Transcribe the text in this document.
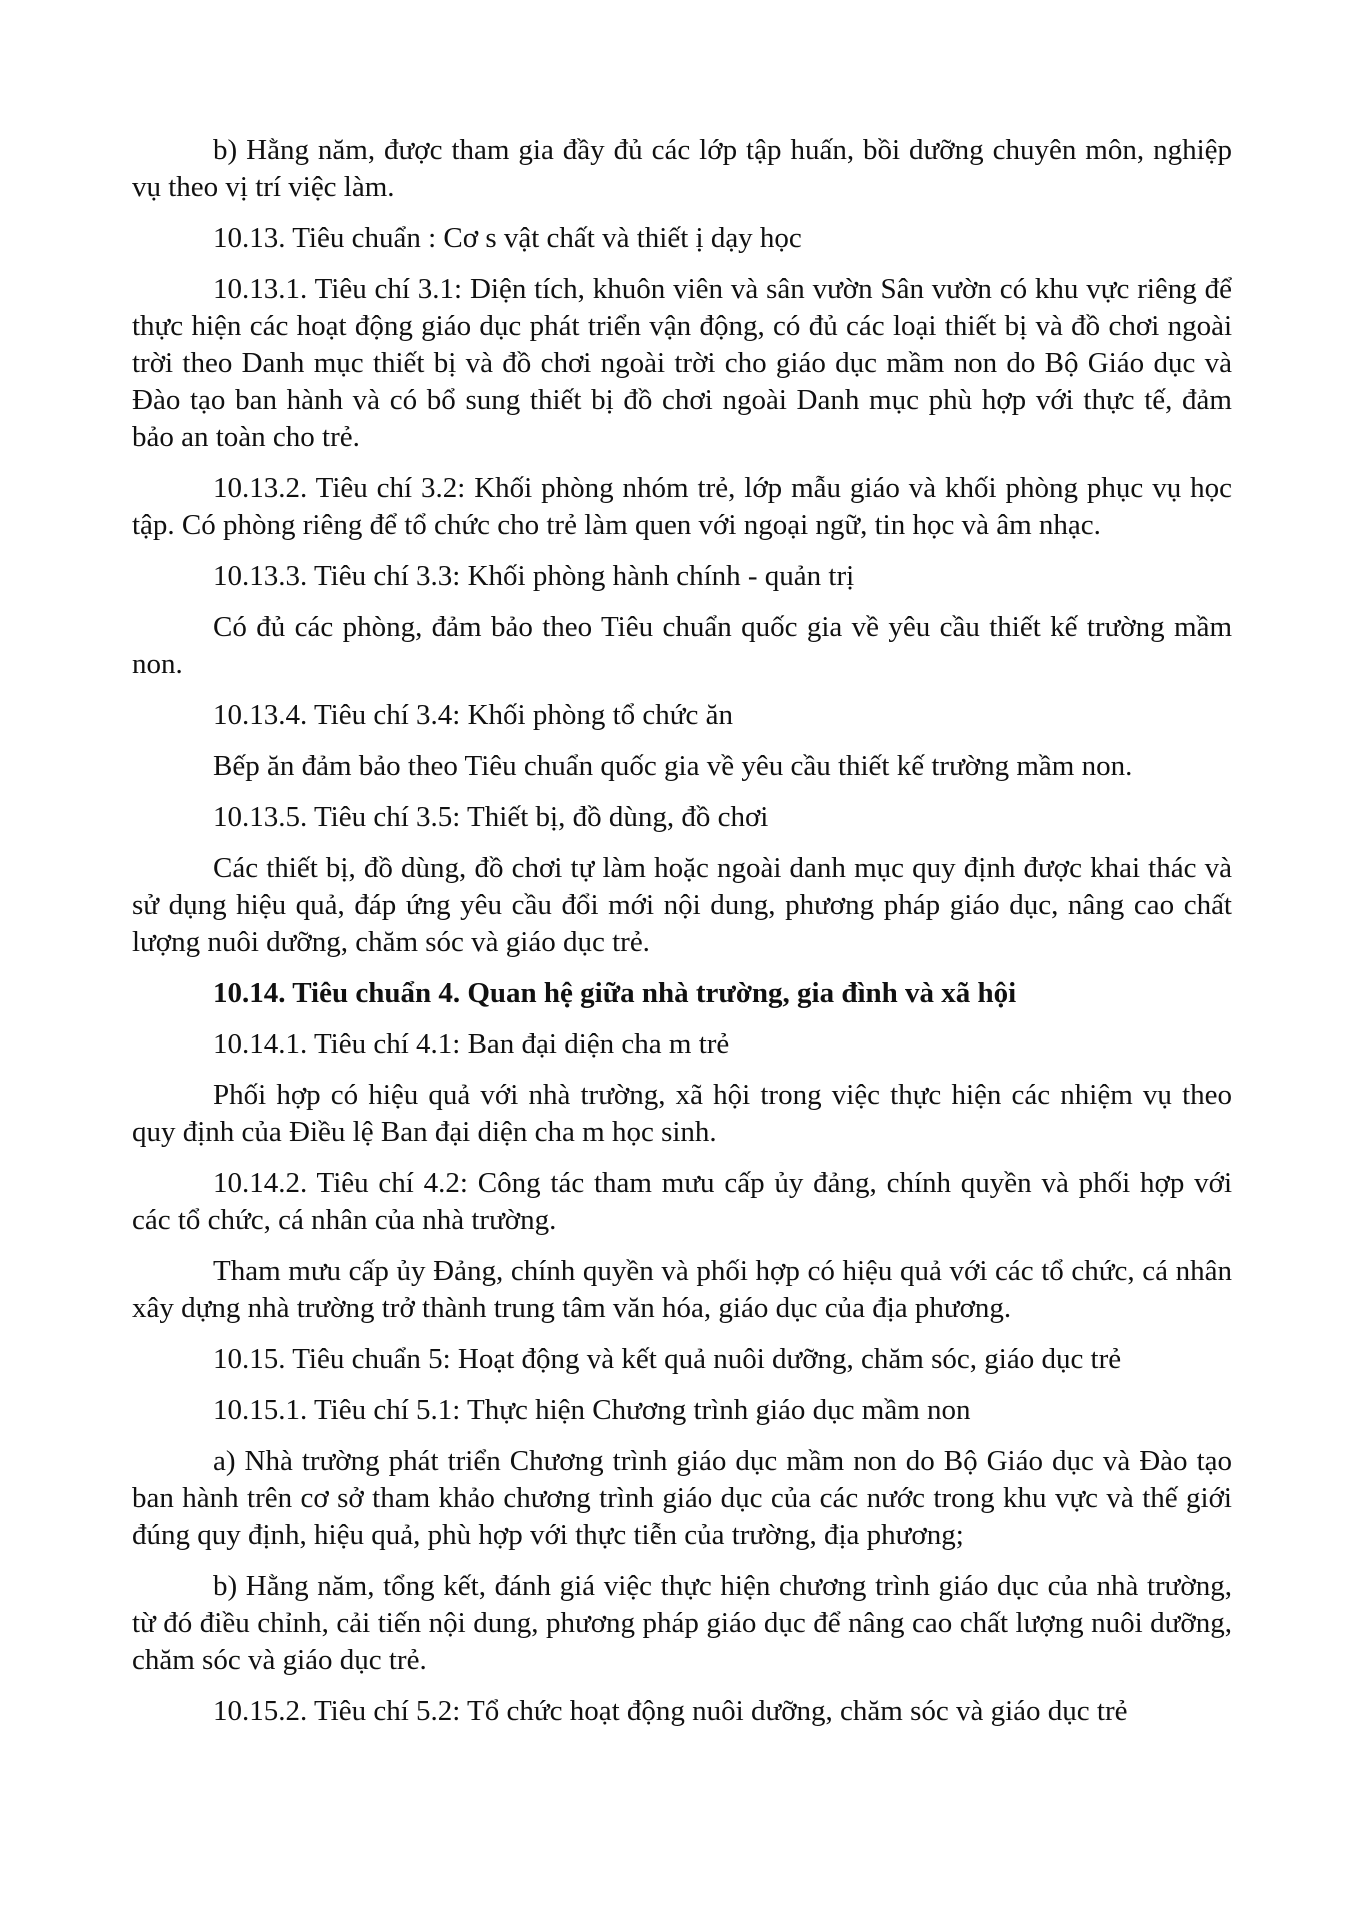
b) Hằng năm, được tham gia đầy đủ các lớp tập huấn, bồi dưỡng chuyên môn, nghiệp vụ theo vị trí việc làm.

10.13. Tiêu chuẩn : Cơ s vật chất và thiết ị dạy học

10.13.1. Tiêu chí 3.1: Diện tích, khuôn viên và sân vườn Sân vườn có khu vực riêng để thực hiện các hoạt động giáo dục phát triển vận động, có đủ các loại thiết bị và đồ chơi ngoài trời theo Danh mục thiết bị và đồ chơi ngoài trời cho giáo dục mầm non do Bộ Giáo dục và Đào tạo ban hành và có bổ sung thiết bị đồ chơi ngoài Danh mục phù hợp với thực tế, đảm bảo an toàn cho trẻ.

10.13.2. Tiêu chí 3.2: Khối phòng nhóm trẻ, lớp mẫu giáo và khối phòng phục vụ học tập. Có phòng riêng để tổ chức cho trẻ làm quen với ngoại ngữ, tin học và âm nhạc.

10.13.3. Tiêu chí 3.3: Khối phòng hành chính - quản trị

Có đủ các phòng, đảm bảo theo Tiêu chuẩn quốc gia về yêu cầu thiết kế trường mầm non.

10.13.4. Tiêu chí 3.4: Khối phòng tổ chức ăn

Bếp ăn đảm bảo theo Tiêu chuẩn quốc gia về yêu cầu thiết kế trường mầm non.

10.13.5. Tiêu chí 3.5: Thiết bị, đồ dùng, đồ chơi

Các thiết bị, đồ dùng, đồ chơi tự làm hoặc ngoài danh mục quy định được khai thác và sử dụng hiệu quả, đáp ứng yêu cầu đổi mới nội dung, phương pháp giáo dục, nâng cao chất lượng nuôi dưỡng, chăm sóc và giáo dục trẻ.

10.14. Tiêu chuẩn 4. Quan hệ giữa nhà trường, gia đình và xã hội

10.14.1. Tiêu chí 4.1: Ban đại diện cha m trẻ

Phối hợp có hiệu quả với nhà trường, xã hội trong việc thực hiện các nhiệm vụ theo quy định của Điều lệ Ban đại diện cha m học sinh.

10.14.2. Tiêu chí 4.2: Công tác tham mưu cấp ủy đảng, chính quyền và phối hợp với các tổ chức, cá nhân của nhà trường.

Tham mưu cấp ủy Đảng, chính quyền và phối hợp có hiệu quả với các tổ chức, cá nhân xây dựng nhà trường trở thành trung tâm văn hóa, giáo dục của địa phương.

10.15. Tiêu chuẩn 5: Hoạt động và kết quả nuôi dưỡng, chăm sóc, giáo dục trẻ

10.15.1. Tiêu chí 5.1: Thực hiện Chương trình giáo dục mầm non

a) Nhà trường phát triển Chương trình giáo dục mầm non do Bộ Giáo dục và Đào tạo ban hành trên cơ sở tham khảo chương trình giáo dục của các nước trong khu vực và thế giới đúng quy định, hiệu quả, phù hợp với thực tiễn của trường, địa phương;

b) Hằng năm, tổng kết, đánh giá việc thực hiện chương trình giáo dục của nhà trường, từ đó điều chỉnh, cải tiến nội dung, phương pháp giáo dục để nâng cao chất lượng nuôi dưỡng, chăm sóc và giáo dục trẻ.

10.15.2. Tiêu chí 5.2: Tổ chức hoạt động nuôi dưỡng, chăm sóc và giáo dục trẻ
